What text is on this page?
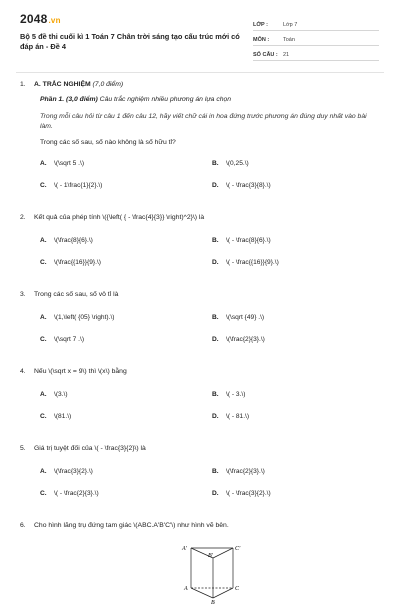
2048.vn
Bộ 5 đề thi cuối kì 1 Toán 7 Chân trời sáng tạo cấu trúc mới có đáp án - Đề 4
LỚP :	Lớp 7
MÔN :	Toán
SỐ CÂU : 21
1.	A. TRẮC NGHIỆM (7,0 điểm)
Phần 1. (3,0 điểm) Câu trắc nghiệm nhiều phương án lựa chọn
Trong mỗi câu hỏi từ câu 1 đến câu 12, hãy viết chữ cái in hoa đứng trước phương án đúng duy nhất vào bài làm.
Trong các số sau, số nào không là số hữu tỉ?
A.	\(\sqrt 5 .\)	B.	\(0,25.\)
C.	\( - 1\frac{1}{2}.\)	D.	\( - \frac{3}{8}.\)
2.	Kết quả của phép tính \({\left( { - \frac{4}{3}} \right)^2}\) là
A.	\(\frac{8}{6}.\)	B.	\( - \frac{8}{6}.\)
C.	\(\frac{{16}}{9}.\)	D.	\( - \frac{{16}}{9}.\)
3.	Trong các số sau, số vô tỉ là
A.	\(1,\left( {05} \right).\)	B.	\(\sqrt {49} .\)
C.	\(\sqrt 7 .\)	D.	\(\frac{2}{3}.\)
4.	Nếu \(\sqrt x = 9\) thì \(x\) bằng
A.	\(3.\)	B.	\( - 3.\)
C.	\(81.\)	D.	\( - 81.\)
5.	Giá trị tuyệt đối của \( - \frac{3}{2}\) là
A.	\(\frac{3}{2}.\)	B.	\(\frac{2}{3}.\)
C.	\( - \frac{2}{3}.\)	D.	\( - \frac{3}{2}.\)
6.	Cho hình lăng trụ đứng tam giác \(ABC.A'B'C'\) như hình vẽ bên.
A'
B'
C'
A
B
C
